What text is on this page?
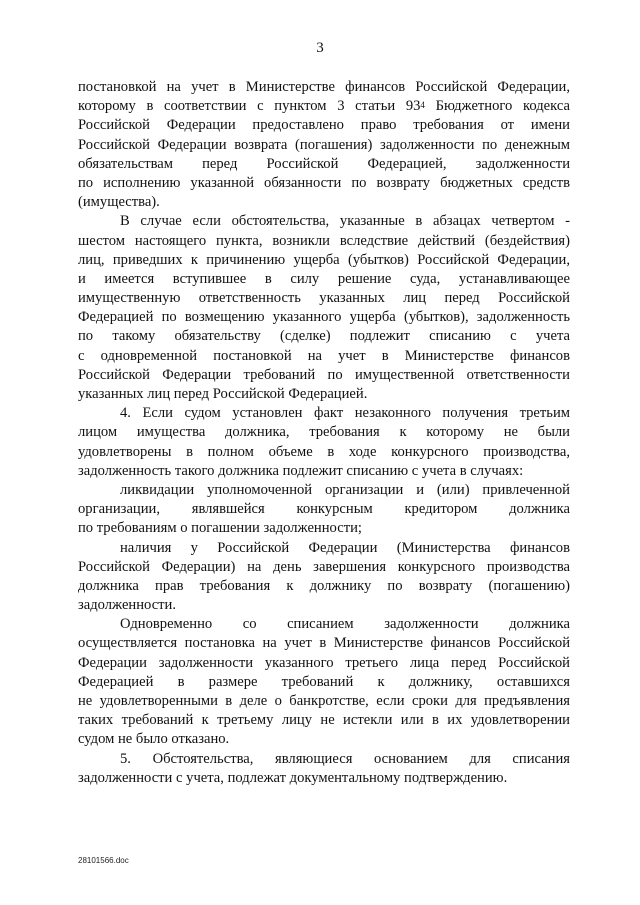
3
постановкой на учет в Министерстве финансов Российской Федерации,
которому в соответствии с пунктом 3 статьи $93^4$ Бюджетного кодекса
Российской Федерации предоставлено право требования от имени
Российской Федерации возврата (погашения) задолженности по денежным
обязательствам перед Российской Федерацией, задолженности
по исполнению указанной обязанности по возврату бюджетных средств
(имущества).
В случае если обстоятельства, указанные в абзацах четвертом -
шестом настоящего пункта, возникли вследствие действий (бездействия)
лиц, приведших к причинению ущерба (убытков) Российской Федерации,
и имеется вступившее в силу решение суда, устанавливающее
имущественную ответственность указанных лиц перед Российской
Федерацией по возмещению указанного ущерба (убытков), задолженность
по такому обязательству (сделке) подлежит списанию с учета
с одновременной постановкой на учет в Министерстве финансов
Российской Федерации требований по имущественной ответственности
указанных лиц перед Российской Федерацией.
4. Если судом установлен факт незаконного получения третьим
лицом имущества должника, требования к которому не были
удовлетворены в полном объеме в ходе конкурсного производства,
задолженность такого должника подлежит списанию с учета в случаях:
ликвидации уполномоченной организации и (или) привлеченной
организации, являвшейся конкурсным кредитором должника
по требованиям о погашении задолженности;
наличия у Российской Федерации (Министерства финансов
Российской Федерации) на день завершения конкурсного производства
должника прав требования к должнику по возврату (погашению)
задолженности.
Одновременно со списанием задолженности должника
осуществляется постановка на учет в Министерстве финансов Российской
Федерации задолженности указанного третьего лица перед Российской
Федерацией в размере требований к должнику, оставшихся
не удовлетворенными в деле о банкротстве, если сроки для предъявления
таких требований к третьему лицу не истекли или в их удовлетворении
судом не было отказано.
5. Обстоятельства, являющиеся основанием для списания
задолженности с учета, подлежат документальному подтверждению.
28101566.doc
